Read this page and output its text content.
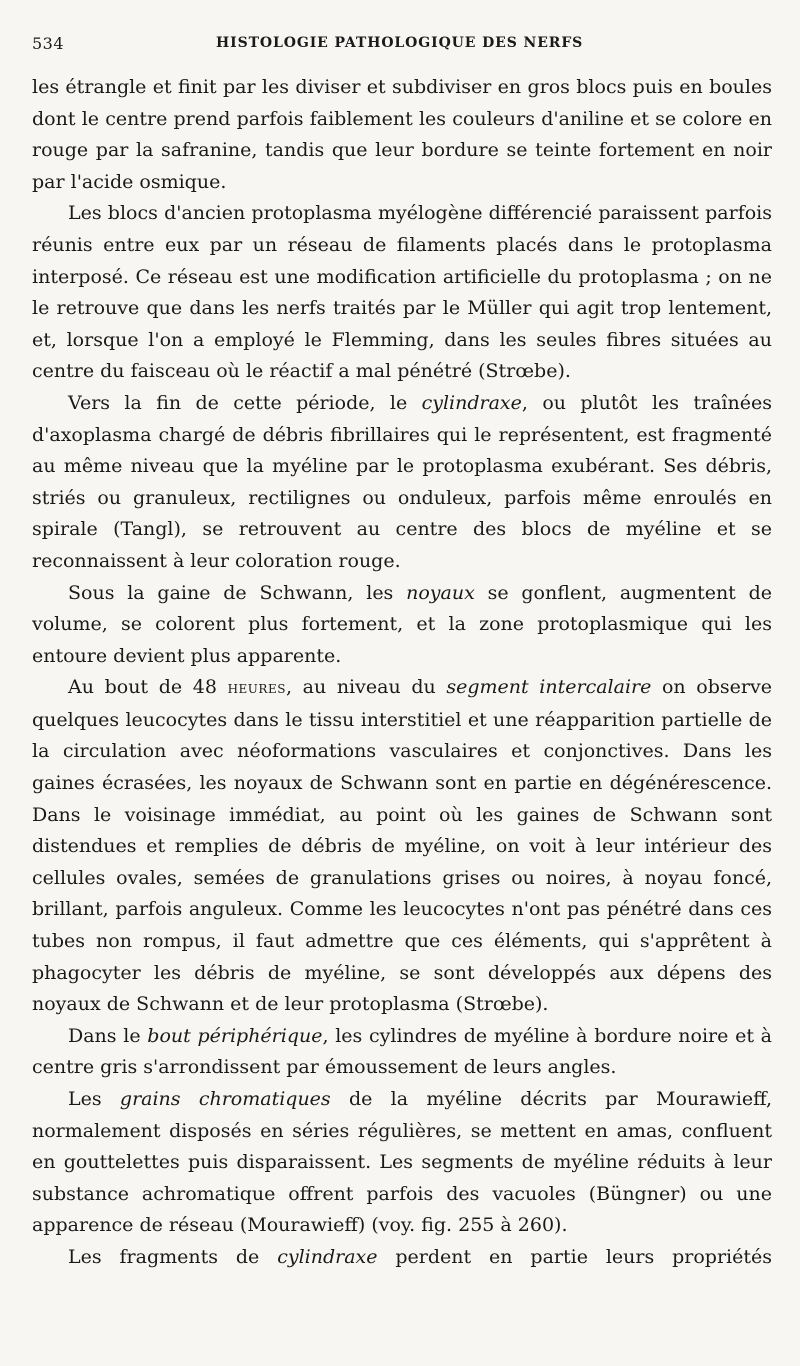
534	HISTOLOGIE PATHOLOGIQUE DES NERFS

les étrangle et finit par les diviser et subdiviser en gros blocs puis en boules dont le centre prend parfois faiblement les couleurs d'aniline et se colore en rouge par la safranine, tandis que leur bordure se teinte fortement en noir par l'acide osmique.

Les blocs d'ancien protoplasma myélogène différencié paraissent parfois réunis entre eux par un réseau de filaments placés dans le protoplasma interposé. Ce réseau est une modification artificielle du protoplasma ; on ne le retrouve que dans les nerfs traités par le Müller qui agit trop lentement, et, lorsque l'on a employé le Flemming, dans les seules fibres situées au centre du faisceau où le réactif a mal pénétré (Strœbe).

Vers la fin de cette période, le cylindraxe, ou plutôt les traînées d'axoplasma chargé de débris fibrillaires qui le représentent, est fragmenté au même niveau que la myéline par le protoplasma exubérant. Ses débris, striés ou granuleux, rectilignes ou onduleux, parfois même enroulés en spirale (Tangl), se retrouvent au centre des blocs de myéline et se reconnaissent à leur coloration rouge.

Sous la gaine de Schwann, les noyaux se gonflent, augmentent de volume, se colorent plus fortement, et la zone protoplasmique qui les entoure devient plus apparente.

Au bout de 48 heures, au niveau du segment intercalaire on observe quelques leucocytes dans le tissu interstitiel et une réapparition partielle de la circulation avec néoformations vasculaires et conjonctives. Dans les gaines écrasées, les noyaux de Schwann sont en partie en dégénérescence. Dans le voisinage immédiat, au point où les gaines de Schwann sont distendues et remplies de débris de myéline, on voit à leur intérieur des cellules ovales, semées de granulations grises ou noires, à noyau foncé, brillant, parfois anguleux. Comme les leucocytes n'ont pas pénétré dans ces tubes non rompus, il faut admettre que ces éléments, qui s'apprêtent à phagocyter les débris de myéline, se sont développés aux dépens des noyaux de Schwann et de leur protoplasma (Strœbe).

Dans le bout périphérique, les cylindres de myéline à bordure noire et à centre gris s'arrondissent par émoussement de leurs angles.

Les grains chromatiques de la myéline décrits par Mourawieff, normalement disposés en séries régulières, se mettent en amas, confluent en gouttelettes puis disparaissent. Les segments de myéline réduits à leur substance achromatique offrent parfois des vacuoles (Büngner) ou une apparence de réseau (Mourawieff) (voy. fig. 255 à 260).

Les fragments de cylindraxe perdent en partie leurs propriétés
